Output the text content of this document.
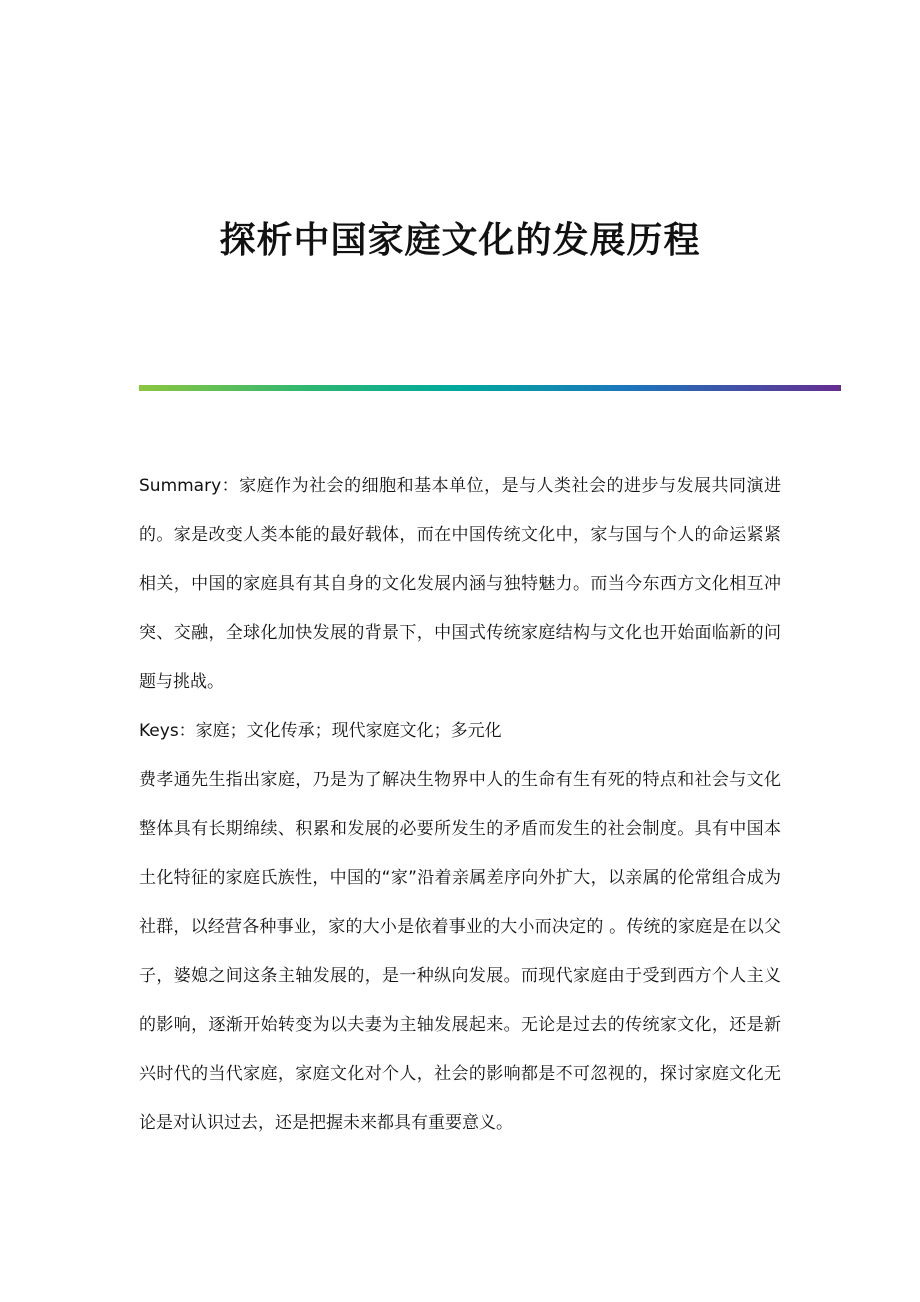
探析中国家庭文化的发展历程

Summary：家庭作为社会的细胞和基本单位，是与人类社会的进步与发展共同演进的。家是改变人类本能的最好载体，而在中国传统文化中，家与国与个人的命运紧紧相关，中国的家庭具有其自身的文化发展内涵与独特魅力。而当今东西方文化相互冲突、交融，全球化加快发展的背景下，中国式传统家庭结构与文化也开始面临新的问题与挑战。

Keys：家庭；文化传承；现代家庭文化；多元化

费孝通先生指出家庭，乃是为了解决生物界中人的生命有生有死的特点和社会与文化整体具有长期绵续、积累和发展的必要所发生的矛盾而发生的社会制度。具有中国本土化特征的家庭氏族性，中国的“家”沿着亲属差序向外扩大，以亲属的伦常组合成为社群，以经营各种事业，家的大小是依着事业的大小而决定的 。传统的家庭是在以父子，婆媳之间这条主轴发展的，是一种纵向发展。而现代家庭由于受到西方个人主义的影响，逐渐开始转变为以夫妻为主轴发展起来。无论是过去的传统家文化，还是新兴时代的当代家庭，家庭文化对个人，社会的影响都是不可忽视的，探讨家庭文化无论是对认识过去，还是把握未来都具有重要意义。
